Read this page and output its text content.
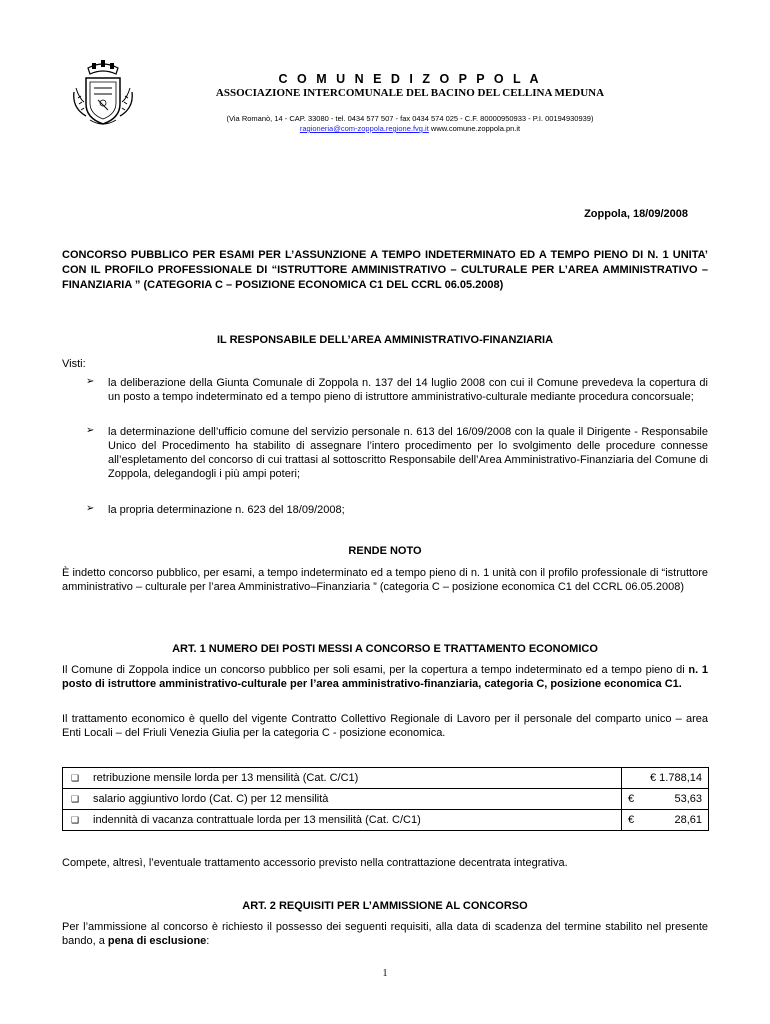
C O M U N E D I Z O P P O L A
ASSOCIAZIONE INTERCOMUNALE DEL BACINO DEL CELLINA MEDUNA
(Via Romanò, 14 - CAP. 33080 - tel. 0434 577 507 - fax 0434 574 025 - C.F. 80000950933 - P.I. 00194930939)
ragioneria@com-zoppola.regione.fvg.it www.comune.zoppola.pn.it
Zoppola, 18/09/2008
CONCORSO PUBBLICO PER ESAMI PER L’ASSUNZIONE A TEMPO INDETERMINATO ED A TEMPO PIENO DI N. 1 UNITA’ CON IL PROFILO PROFESSIONALE DI “ISTRUTTORE AMMINISTRATIVO – CULTURALE PER L’AREA AMMINISTRATIVO – FINANZIARIA ” (CATEGORIA C – POSIZIONE ECONOMICA C1 DEL CCRL 06.05.2008)
IL RESPONSABILE DELL’AREA AMMINISTRATIVO-FINANZIARIA
Visti:
➢ la deliberazione della Giunta Comunale di Zoppola n. 137 del 14 luglio 2008 con cui il Comune prevedeva la copertura di un posto a tempo indeterminato ed a tempo pieno di istruttore amministrativo-culturale mediante procedura concorsuale;
➢ la determinazione dell’ufficio comune del servizio personale n. 613 del 16/09/2008 con la quale il Dirigente - Responsabile Unico del Procedimento ha stabilito di assegnare l’intero procedimento per lo svolgimento delle procedure connesse all’espletamento del concorso di cui trattasi al sottoscritto Responsabile dell’Area Amministrativo-Finanziaria del Comune di Zoppola, delegandogli i più ampi poteri;
➢ la propria determinazione n. 623 del 18/09/2008;
RENDE NOTO
È indetto concorso pubblico, per esami, a tempo indeterminato ed a tempo pieno di n. 1 unità con il profilo professionale di “istruttore amministrativo – culturale per l’area Amministrativo–Finanziaria ” (categoria C – posizione economica C1 del CCRL 06.05.2008)
ART. 1 NUMERO DEI POSTI MESSI A CONCORSO E TRATTAMENTO ECONOMICO
Il Comune di Zoppola indice un concorso pubblico per soli esami, per la copertura a tempo indeterminato ed a tempo pieno di n. 1 posto di istruttore amministrativo-culturale per l’area amministrativo-finanziaria, categoria C, posizione economica C1.
Il trattamento economico è quello del vigente Contratto Collettivo Regionale di Lavoro per il personale del comparto unico – area Enti Locali – del Friuli Venezia Giulia per la categoria C - posizione economica.
❑	retribuzione mensile lorda per 13 mensilità (Cat. C/C1)	€ 1.788,14

❑	salario aggiuntivo lordo (Cat. C) per 12 mensilità	€ 53,63

❑	indennità di vacanza contrattuale lorda per 13 mensilità (Cat. C/C1)	€ 28,61
Compete, altresì, l’eventuale trattamento accessorio previsto nella contrattazione decentrata integrativa.
ART. 2 REQUISITI PER L’AMMISSIONE AL CONCORSO
Per l’ammissione al concorso è richiesto il possesso dei seguenti requisiti, alla data di scadenza del termine stabilito nel presente bando, a pena di esclusione:
1
